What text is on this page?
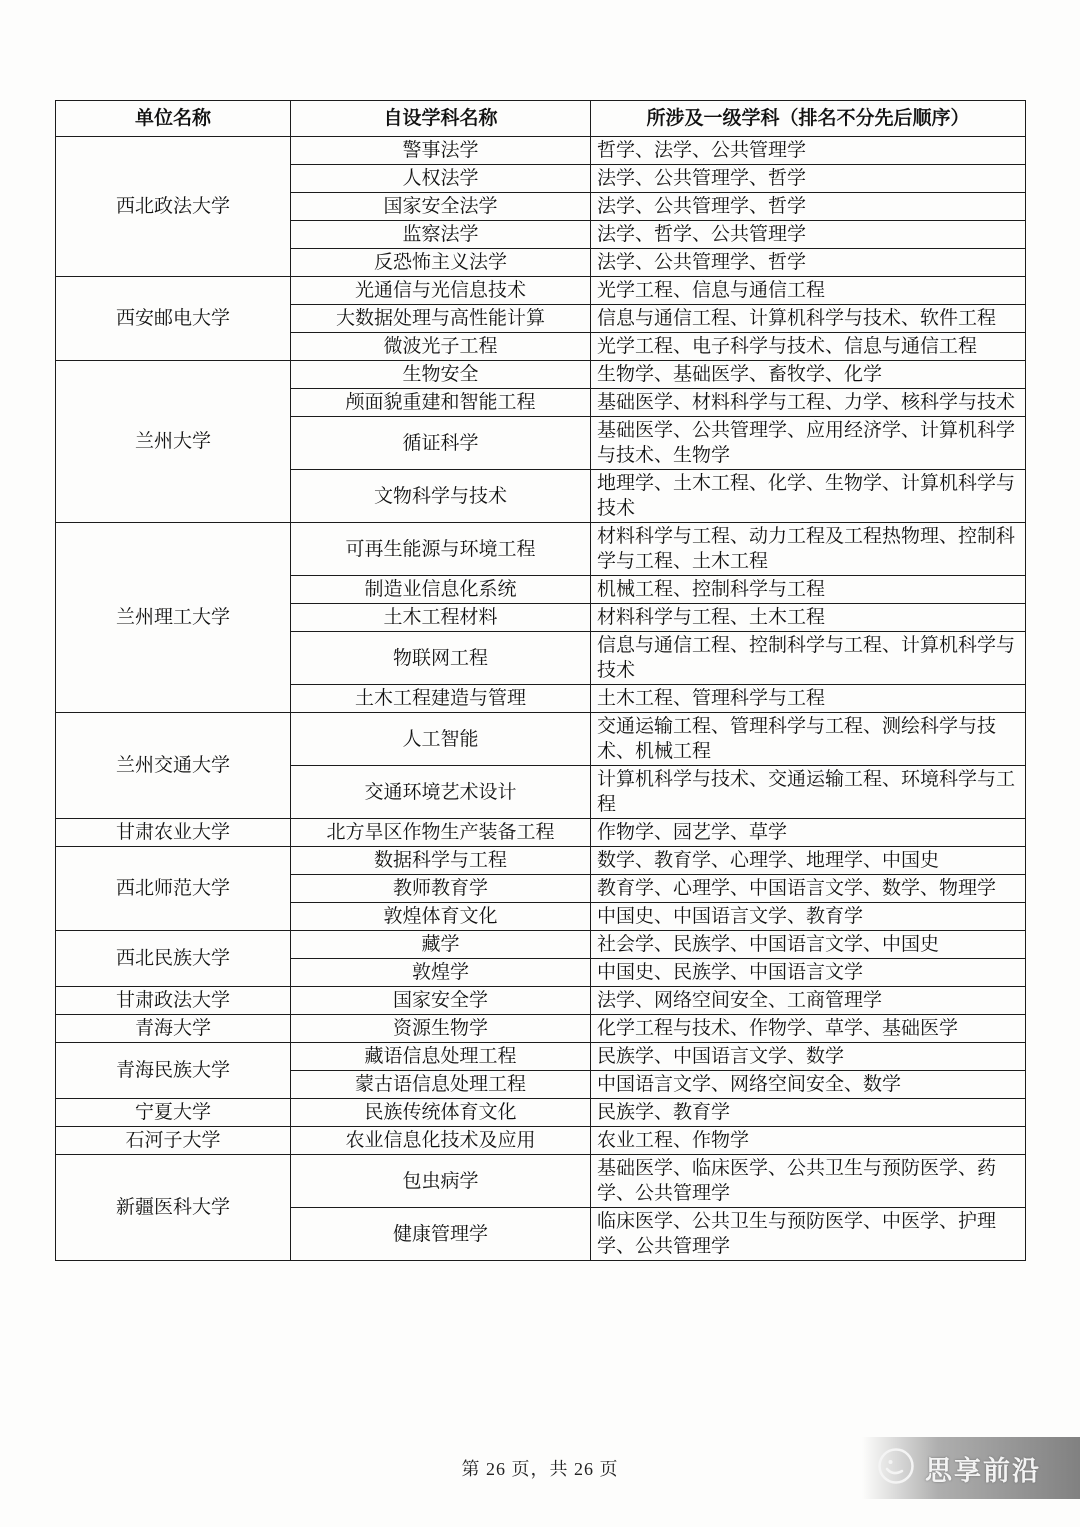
单位名称	自设学科名称	所涉及一级学科（排名不分先后顺序）
西北政法大学	警事法学	哲学、法学、公共管理学
	人权法学	法学、公共管理学、哲学
	国家安全法学	法学、公共管理学、哲学
	监察法学	法学、哲学、公共管理学
	反恐怖主义法学	法学、公共管理学、哲学
西安邮电大学	光通信与光信息技术	光学工程、信息与通信工程
	大数据处理与高性能计算	信息与通信工程、计算机科学与技术、软件工程
	微波光子工程	光学工程、电子科学与技术、信息与通信工程
兰州大学	生物安全	生物学、基础医学、畜牧学、化学
	颅面貌重建和智能工程	基础医学、材料科学与工程、力学、核科学与技术
	循证科学	基础医学、公共管理学、应用经济学、计算机科学与技术、生物学
	文物科学与技术	地理学、土木工程、化学、生物学、计算机科学与技术
兰州理工大学	可再生能源与环境工程	材料科学与工程、动力工程及工程热物理、控制科学与工程、土木工程
	制造业信息化系统	机械工程、控制科学与工程
	土木工程材料	材料科学与工程、土木工程
	物联网工程	信息与通信工程、控制科学与工程、计算机科学与技术
	土木工程建造与管理	土木工程、管理科学与工程
兰州交通大学	人工智能	交通运输工程、管理科学与工程、测绘科学与技术、机械工程
	交通环境艺术设计	计算机科学与技术、交通运输工程、环境科学与工程
甘肃农业大学	北方旱区作物生产装备工程	作物学、园艺学、草学
西北师范大学	数据科学与工程	数学、教育学、心理学、地理学、中国史
	教师教育学	教育学、心理学、中国语言文学、数学、物理学
	敦煌体育文化	中国史、中国语言文学、教育学
西北民族大学	藏学	社会学、民族学、中国语言文学、中国史
	敦煌学	中国史、民族学、中国语言文学
甘肃政法大学	国家安全学	法学、网络空间安全、工商管理学
青海大学	资源生物学	化学工程与技术、作物学、草学、基础医学
青海民族大学	藏语信息处理工程	民族学、中国语言文学、数学
	蒙古语信息处理工程	中国语言文学、网络空间安全、数学
宁夏大学	民族传统体育文化	民族学、教育学
石河子大学	农业信息化技术及应用	农业工程、作物学
新疆医科大学	包虫病学	基础医学、临床医学、公共卫生与预防医学、药学、公共管理学
	健康管理学	临床医学、公共卫生与预防医学、中医学、护理学、公共管理学
第 26 页，共 26 页	思享前沿
